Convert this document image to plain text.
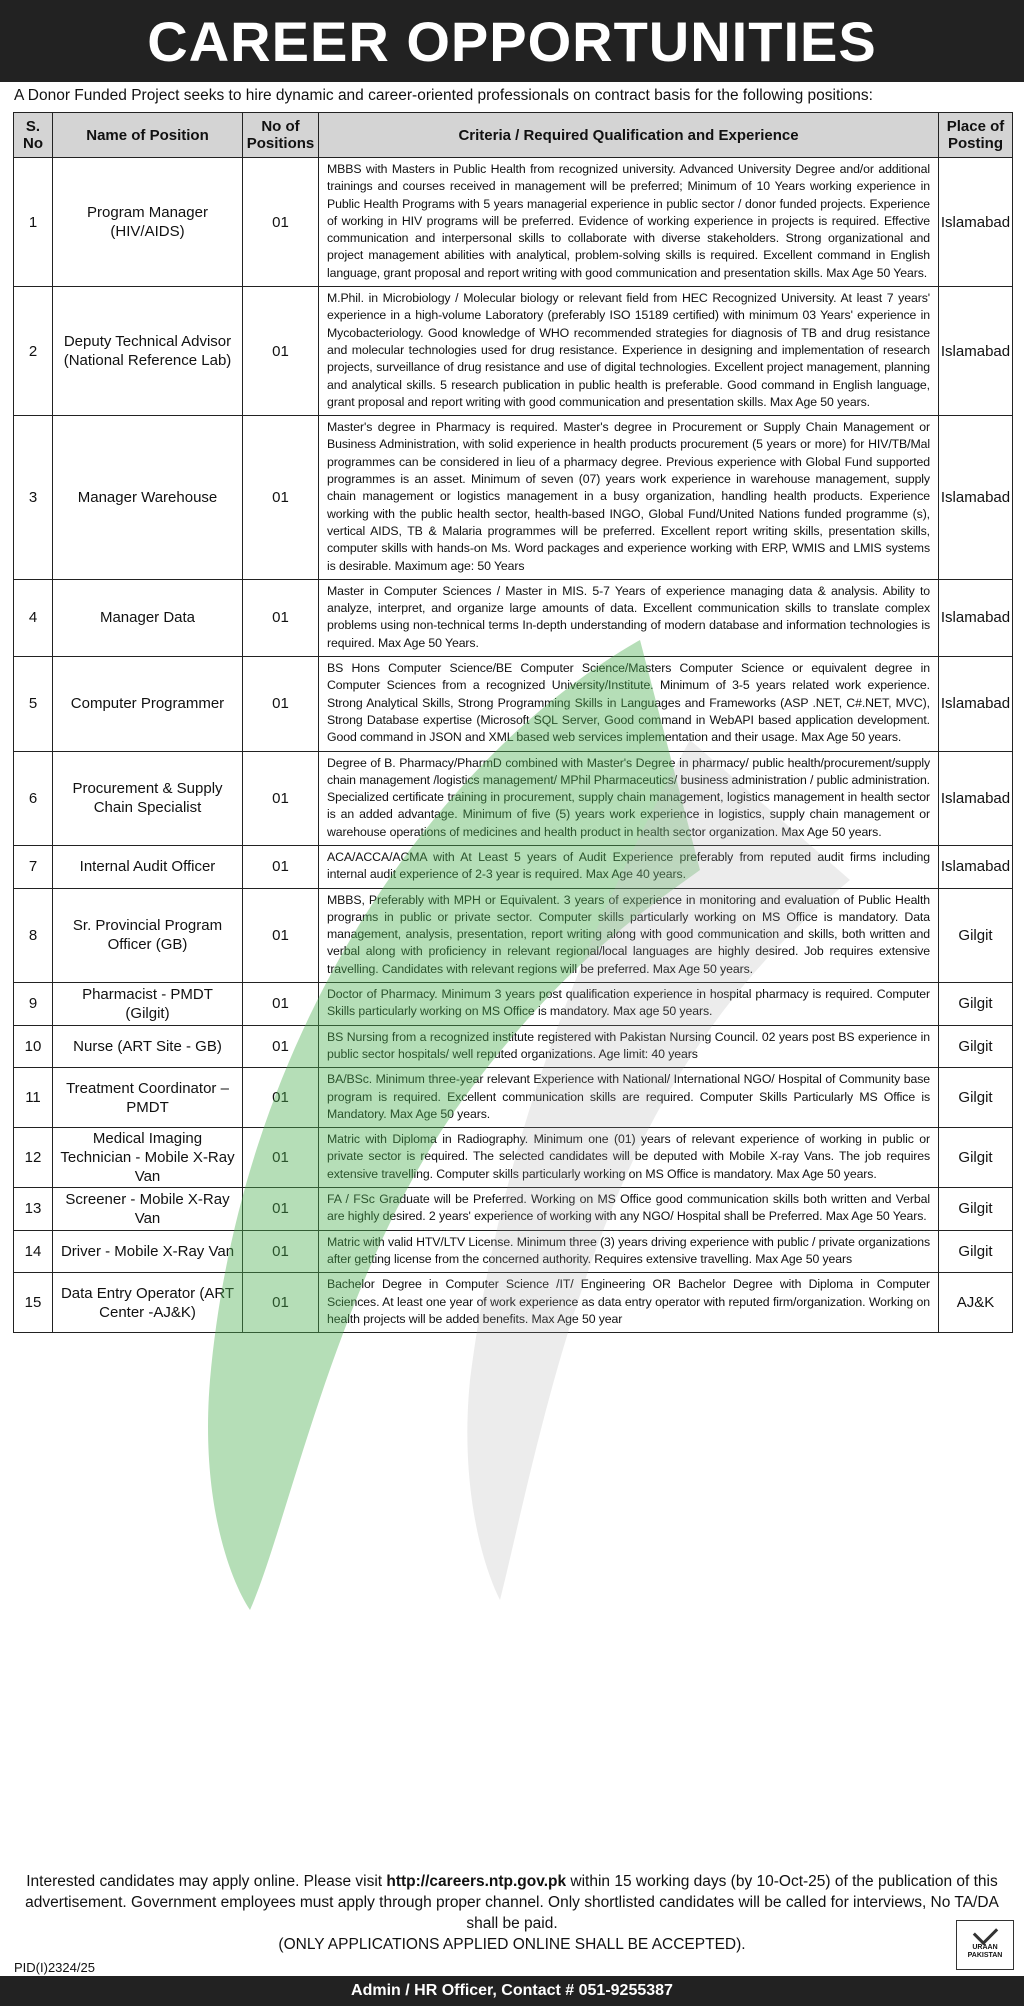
CAREER OPPORTUNITIES
A Donor Funded Project seeks to hire dynamic and career-oriented professionals on contract basis for the following positions:
S. No	Name of Position	No of Positions	Criteria / Required Qualification and Experience	Place of Posting
1	Program Manager (HIV/AIDS)	01	MBBS with Masters in Public Health from recognized university. Advanced University Degree and/or additional trainings and courses received in management will be preferred; Minimum of 10 Years working experience in Public Health Programs with 5 years managerial experience in public sector / donor funded projects. Experience of working in HIV programs will be preferred. Evidence of working experience in projects is required. Effective communication and interpersonal skills to collaborate with diverse stakeholders. Strong organizational and project management abilities with analytical, problem-solving skills is required. Excellent command in English language, grant proposal and report writing with good communication and presentation skills. Max Age 50 Years.	Islamabad
2	Deputy Technical Advisor (National Reference Lab)	01	M.Phil. in Microbiology / Molecular biology or relevant field from HEC Recognized University. At least 7 years' experience in a high-volume Laboratory (preferably ISO 15189 certified) with minimum 03 Years' experience in Mycobacteriology. Good knowledge of WHO recommended strategies for diagnosis of TB and drug resistance and molecular technologies used for drug resistance. Experience in designing and implementation of research projects, surveillance of drug resistance and use of digital technologies. Excellent project management, planning and analytical skills. 5 research publication in public health is preferable. Good command in English language, grant proposal and report writing with good communication and presentation skills. Max Age 50 years.	Islamabad
3	Manager Warehouse	01	Master's degree in Pharmacy is required. Master's degree in Procurement or Supply Chain Management or Business Administration, with solid experience in health products procurement (5 years or more) for HIV/TB/Mal programmes can be considered in lieu of a pharmacy degree. Previous experience with Global Fund supported programmes is an asset. Minimum of seven (07) years work experience in warehouse management, supply chain management or logistics management in a busy organization, handling health products. Experience working with the public health sector, health-based INGO, Global Fund/United Nations funded programme (s), vertical AIDS, TB & Malaria programmes will be preferred. Excellent report writing skills, presentation skills, computer skills with hands-on Ms. Word packages and experience working with ERP, WMIS and LMIS systems is desirable. Maximum age: 50 Years	Islamabad
4	Manager Data	01	Master in Computer Sciences / Master in MIS. 5-7 Years of experience managing data & analysis. Ability to analyze, interpret, and organize large amounts of data. Excellent communication skills to translate complex problems using non-technical terms In-depth understanding of modern database and information technologies is required. Max Age 50 Years.	Islamabad
5	Computer Programmer	01	BS Hons Computer Science/BE Computer Science/Masters Computer Science or equivalent degree in Computer Sciences from a recognized University/Institute. Minimum of 3-5 years related work experience. Strong Analytical Skills, Strong Programming Skills in Languages and Frameworks (ASP .NET, C#.NET, MVC), Strong Database expertise (Microsoft SQL Server, Good command in WebAPI based application development. Good command in JSON and XML based web services implementation and their usage. Max Age 50 years.	Islamabad
6	Procurement & Supply Chain Specialist	01	Degree of B. Pharmacy/PharmD combined with Master's Degree in pharmacy/ public health/procurement/supply chain management /logistics management/ MPhil Pharmaceutics/ business administration / public administration. Specialized certificate training in procurement, supply chain management, logistics management in health sector is an added advantage. Minimum of five (5) years work experience in logistics, supply chain management or warehouse operations of medicines and health product in health sector organization. Max Age 50 years.	Islamabad
7	Internal Audit Officer	01	ACA/ACCA/ACMA with At Least 5 years of Audit Experience preferably from reputed audit firms including internal audit experience of 2-3 year is required. Max Age 40 years.	Islamabad
8	Sr. Provincial Program Officer (GB)	01	MBBS, Preferably with MPH or Equivalent. 3 years of experience in monitoring and evaluation of Public Health programs in public or private sector. Computer skills particularly working on MS Office is mandatory. Data management, analysis, presentation, report writing along with good communication and skills, both written and verbal along with proficiency in relevant regional/local languages are highly desired. Job requires extensive travelling. Candidates with relevant regions will be preferred. Max Age 50 years.	Gilgit
9	Pharmacist - PMDT (Gilgit)	01	Doctor of Pharmacy. Minimum 3 years post qualification experience in hospital pharmacy is required. Computer Skills particularly working on MS Office is mandatory. Max age 50 years.	Gilgit
10	Nurse (ART Site - GB)	01	BS Nursing from a recognized institute registered with Pakistan Nursing Council. 02 years post BS experience in public sector hospitals/ well reputed organizations. Age limit: 40 years	Gilgit
11	Treatment Coordinator – PMDT	01	BA/BSc. Minimum three-year relevant Experience with National/ International NGO/ Hospital of Community base program is required. Excellent communication skills are required. Computer Skills Particularly MS Office is Mandatory. Max Age 50 years.	Gilgit
12	Medical Imaging Technician - Mobile X-Ray Van	01	Matric with Diploma in Radiography. Minimum one (01) years of relevant experience of working in public or private sector is required. The selected candidates will be deputed with Mobile X-ray Vans. The job requires extensive travelling. Computer skills particularly working on MS Office is mandatory. Max Age 50 years.	Gilgit
13	Screener - Mobile X-Ray Van	01	FA / FSc Graduate will be Preferred. Working on MS Office good communication skills both written and Verbal are highly desired. 2 years' experience of working with any NGO/ Hospital shall be Preferred. Max Age 50 Years.	Gilgit
14	Driver - Mobile X-Ray Van	01	Matric with valid HTV/LTV License. Minimum three (3) years driving experience with public / private organizations after getting license from the concerned authority. Requires extensive travelling. Max Age 50 years	Gilgit
15	Data Entry Operator (ART Center -AJ&K)	01	Bachelor Degree in Computer Science /IT/ Engineering OR Bachelor Degree with Diploma in Computer Sciences. At least one year of work experience as data entry operator with reputed firm/organization. Working on health projects will be added benefits. Max Age 50 year	AJ&K
Interested candidates may apply online. Please visit http://careers.ntp.gov.pk within 15 working days (by 10-Oct-25) of the publication of this advertisement. Government employees must apply through proper channel. Only shortlisted candidates will be called for interviews, No TA/DA shall be paid.
(ONLY APPLICATIONS APPLIED ONLINE SHALL BE ACCEPTED).
PID(I)2324/25
URAAN PAKISTAN
Admin / HR Officer, Contact # 051-9255387
